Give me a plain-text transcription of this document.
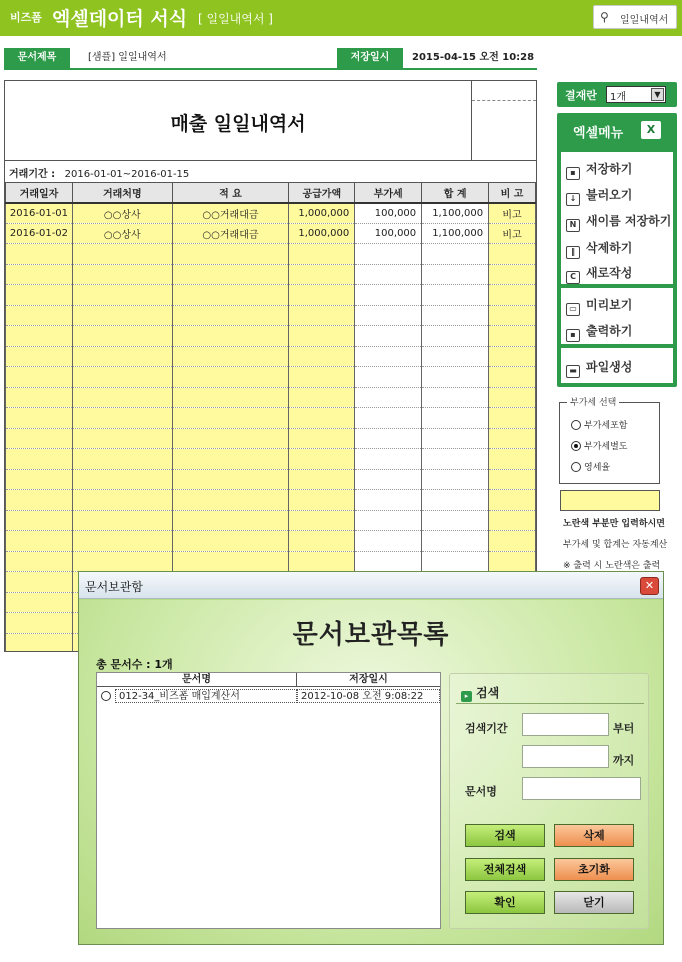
비즈폼 엑셀데이터 서식 [ 일일내역서 ]	⚲ 일일내역서
문서제목	[샘플] 일일내역서	저장일시	2015-04-15 오전 10:28
매출 일일내역서
거래기간 : 2016-01-01~2016-01-15
거래일자	거래처명	적 요	공급가액	부가세	합 계	비 고
2016-01-01	○○상사	○○거래대금	1,000,000	100,000	1,100,000	비고
2016-01-02	○○상사	○○거래대금	1,000,000	100,000	1,100,000	비고

결재란 1개	▼
엑셀메뉴	X
▪ 저장하기
↓ 불러오기
N 새이름 저장하기
‖ 삭제하기
C 새로작성
▭ 미리보기
▪ 출력하기
▬ 파일생성
부가세 선택
부가세포함
부가세별도
영세율
노란색 부분만 입력하시면
부가세 및 합계는 자동계산
※ 출력 시 노란색은 출력
문서보관함	✕
문서보관목록
총 문서수 : 1개
문서명	저장일시
012-34_비즈폼 매입계산서	2012-10-08 오전 9:08:22	▸ 검색
검색기간	부터
까지
문서명
검색	삭제
전체검색	초기화
확인	닫기
